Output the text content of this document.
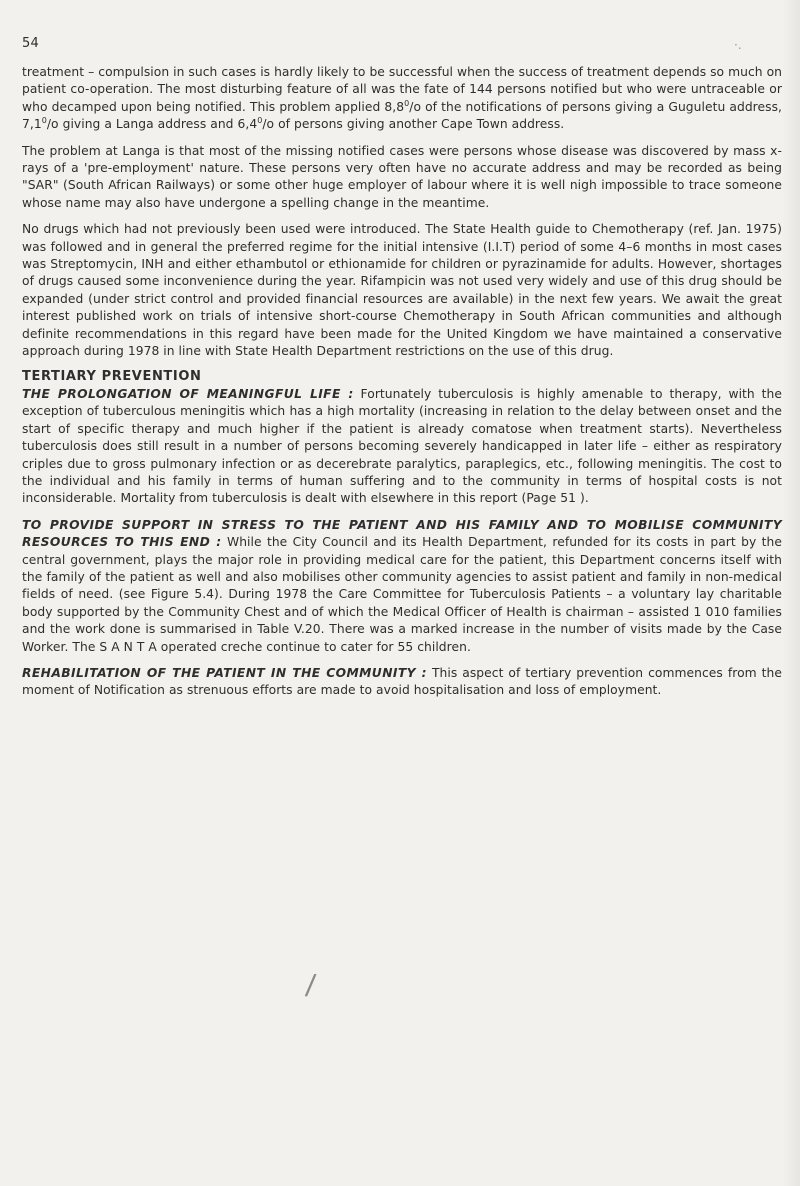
54	·.

treatment – compulsion in such cases is hardly likely to be successful when the success of treatment depends so much on patient co-operation. The most disturbing feature of all was the fate of 144 persons notified but who were untraceable or who decamped upon being notified. This problem applied $8,8^0/o$ of the notifications of persons giving a Guguletu address, $7,1^0/o$ giving a Langa address and $6,4^0/o$ of persons giving another Cape Town address.

The problem at Langa is that most of the missing notified cases were persons whose disease was discovered by mass x-rays of a 'pre-employment' nature. These persons very often have no accurate address and may be recorded as being "SAR" (South African Railways) or some other huge employer of labour where it is well nigh impossible to trace someone whose name may also have undergone a spelling change in the meantime.

No drugs which had not previously been used were introduced. The State Health guide to Chemotherapy (ref. Jan. 1975) was followed and in general the preferred regime for the initial intensive (I.I.T) period of some 4–6 months in most cases was Streptomycin, INH and either ethambutol or ethionamide for children or pyrazinamide for adults. However, shortages of drugs caused some inconvenience during the year. Rifampicin was not used very widely and use of this drug should be expanded (under strict control and provided financial resources are available) in the next few years. We await the great interest published work on trials of intensive short-course Chemotherapy in South African communities and although definite recommendations in this regard have been made for the United Kingdom we have maintained a conservative approach during 1978 in line with State Health Department restrictions on the use of this drug.

TERTIARY PREVENTION

THE PROLONGATION OF MEANINGFUL LIFE : Fortunately tuberculosis is highly amenable to therapy, with the exception of tuberculous meningitis which has a high mortality (increasing in relation to the delay between onset and the start of specific therapy and much higher if the patient is already comatose when treatment starts). Nevertheless tuberculosis does still result in a number of persons becoming severely handicapped in later life – either as respiratory criples due to gross pulmonary infection or as decerebrate paralytics, paraplegics, etc., following meningitis. The cost to the individual and his family in terms of human suffering and to the community in terms of hospital costs is not inconsiderable. Mortality from tuberculosis is dealt with elsewhere in this report (Page 51 ).

TO PROVIDE SUPPORT IN STRESS TO THE PATIENT AND HIS FAMILY AND TO MOBILISE COMMUNITY RESOURCES TO THIS END : While the City Council and its Health Department, refunded for its costs in part by the central government, plays the major role in providing medical care for the patient, this Department concerns itself with the family of the patient as well and also mobilises other community agencies to assist patient and family in non-medical fields of need. (see Figure 5.4). During 1978 the Care Committee for Tuberculosis Patients – a voluntary lay charitable body supported by the Community Chest and of which the Medical Officer of Health is chairman – assisted 1 010 families and the work done is summarised in Table V.20. There was a marked increase in the number of visits made by the Case Worker. The S A N T A operated creche continue to cater for 55 children.

REHABILITATION OF THE PATIENT IN THE COMMUNITY : This aspect of tertiary prevention commences from the moment of Notification as strenuous efforts are made to avoid hospitalisation and loss of employment.

/
